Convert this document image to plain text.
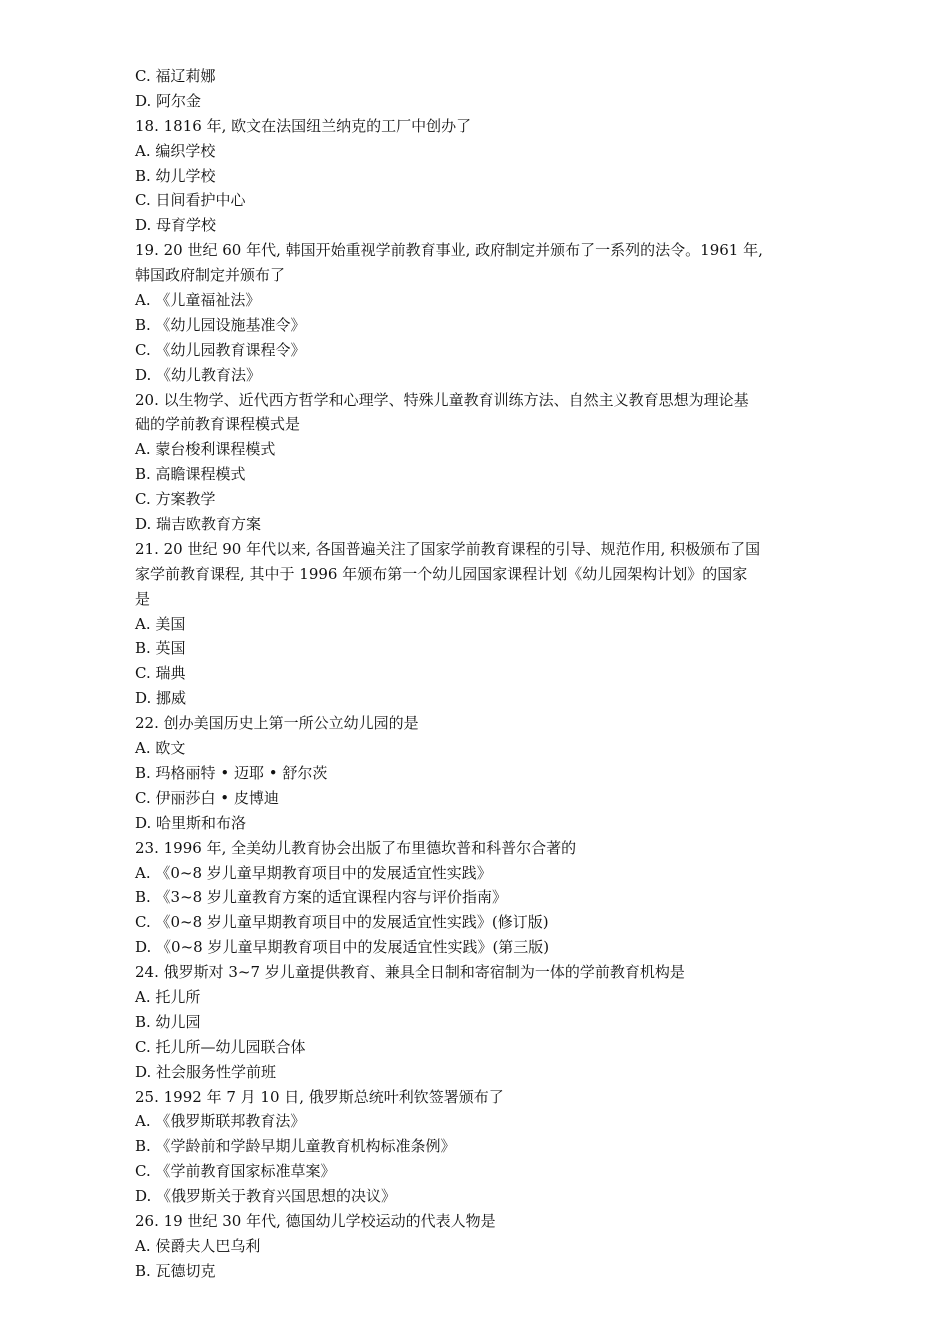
C. 福辽莉娜
D. 阿尔金
18. 1816 年, 欧文在法国纽兰纳克的工厂中创办了
A. 编织学校
B. 幼儿学校
C. 日间看护中心
D. 母育学校
19. 20 世纪 60 年代, 韩国开始重视学前教育事业, 政府制定并颁布了一系列的法令。1961 年,
韩国政府制定并颁布了
A. 《儿童福祉法》
B. 《幼儿园设施基准令》
C. 《幼儿园教育课程令》
D. 《幼儿教育法》
20. 以生物学、近代西方哲学和心理学、特殊儿童教育训练方法、自然主义教育思想为理论基
础的学前教育课程模式是
A. 蒙台梭利课程模式
B. 高瞻课程模式
C. 方案教学
D. 瑞吉欧教育方案
21. 20 世纪 90 年代以来, 各国普遍关注了国家学前教育课程的引导、规范作用, 积极颁布了国
家学前教育课程, 其中于 1996 年颁布第一个幼儿园国家课程计划《幼儿园架构计划》的国家
是
A. 美国
B. 英国
C. 瑞典
D. 挪威
22. 创办美国历史上第一所公立幼儿园的是
A. 欧文
B. 玛格丽特 • 迈耶 • 舒尔茨
C. 伊丽莎白 • 皮博迪
D. 哈里斯和布洛
23. 1996 年, 全美幼儿教育协会出版了布里德坎普和科普尔合著的
A. 《0~8 岁儿童早期教育项目中的发展适宜性实践》
B. 《3~8 岁儿童教育方案的适宜课程内容与评价指南》
C. 《0~8 岁儿童早期教育项目中的发展适宜性实践》(修订版)
D. 《0~8 岁儿童早期教育项目中的发展适宜性实践》(第三版)
24. 俄罗斯对 3~7 岁儿童提供教育、兼具全日制和寄宿制为一体的学前教育机构是
A. 托儿所
B. 幼儿园
C. 托儿所—幼儿园联合体
D. 社会服务性学前班
25. 1992 年 7 月 10 日, 俄罗斯总统叶利钦签署颁布了
A. 《俄罗斯联邦教育法》
B. 《学龄前和学龄早期儿童教育机构标准条例》
C. 《学前教育国家标准草案》
D. 《俄罗斯关于教育兴国思想的决议》
26. 19 世纪 30 年代, 德国幼儿学校运动的代表人物是
A. 侯爵夫人巴乌利
B. 瓦德切克
